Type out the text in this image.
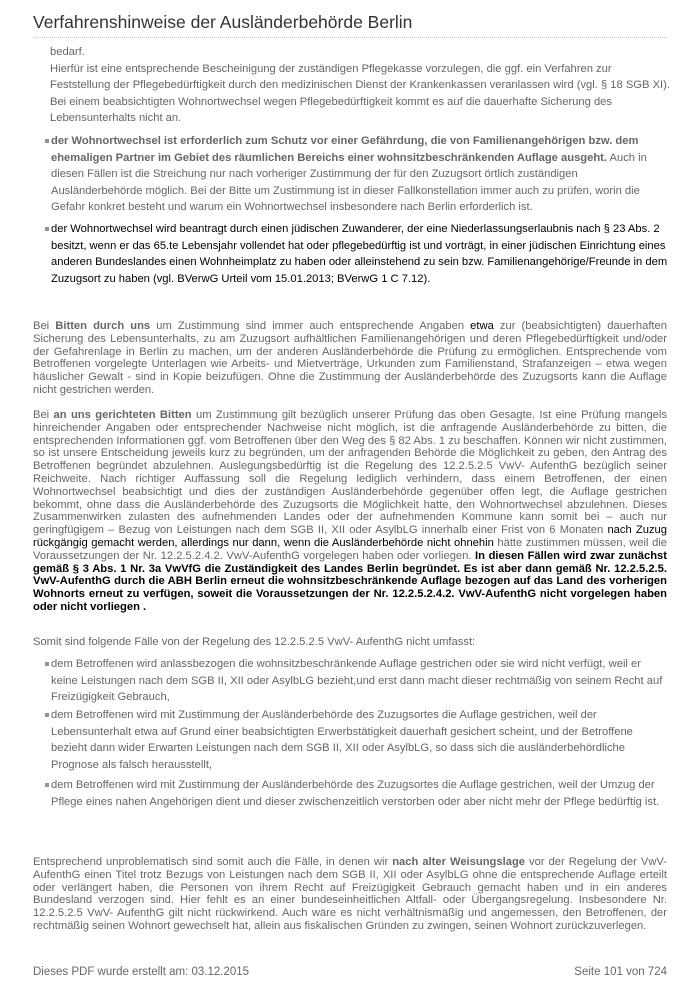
Verfahrenshinweise der Ausländerbehörde Berlin
bedarf.
Hierfür ist eine entsprechende Bescheinigung der zuständigen Pflegekasse vorzulegen, die ggf. ein Verfahren zur Feststellung der Pflegebedürftigkeit durch den medizinischen Dienst der Krankenkassen veranlassen wird (vgl. § 18 SGB XI). Bei einem beabsichtigten Wohnortwechsel wegen Pflegebedürftigkeit kommt es auf die dauerhafte Sicherung des Lebensunterhalts nicht an.
der Wohnortwechsel ist erforderlich zum Schutz vor einer Gefährdung, die von Familienangehörigen bzw. dem ehemaligen Partner im Gebiet des räumlichen Bereichs einer wohnsitzbeschränkenden Auflage ausgeht. Auch in diesen Fällen ist die Streichung nur nach vorheriger Zustimmung der für den Zuzugsort örtlich zuständigen Ausländerbehörde möglich. Bei der Bitte um Zustimmung ist in dieser Fallkonstellation immer auch zu prüfen, worin die Gefahr konkret besteht und warum ein Wohnortwechsel insbesondere nach Berlin erforderlich ist.
der Wohnortwechsel wird beantragt durch einen jüdischen Zuwanderer, der eine Niederlassungserlaubnis nach § 23 Abs. 2 besitzt, wenn er das 65.te Lebensjahr vollendet hat oder pflegebedürftig ist und vorträgt, in einer jüdischen Einrichtung eines anderen Bundeslandes einen Wohnheimplatz zu haben oder alleinstehend zu sein bzw. Familienangehörige/Freunde in dem Zuzugsort zu haben (vgl. BVerwG Urteil vom 15.01.2013; BVerwG 1 C 7.12).
Bei Bitten durch uns um Zustimmung sind immer auch entsprechende Angaben etwa zur (beabsichtigten) dauerhaften Sicherung des Lebensunterhalts, zu am Zuzugsort aufhältlichen Familienangehörigen und deren Pflegebedürftigkeit und/oder der Gefahrenlage in Berlin zu machen, um der anderen Ausländerbehörde die Prüfung zu ermöglichen. Entsprechende vom Betroffenen vorgelegte Unterlagen wie Arbeits- und Mietverträge, Urkunden zum Familienstand, Strafanzeigen – etwa wegen häuslicher Gewalt - sind in Kopie beizufügen. Ohne die Zustimmung der Ausländerbehörde des Zuzugsorts kann die Auflage nicht gestrichen werden.
Bei an uns gerichteten Bitten um Zustimmung gilt bezüglich unserer Prüfung das oben Gesagte. Ist eine Prüfung mangels hinreichender Angaben oder entsprechender Nachweise nicht möglich, ist die anfragende Ausländerbehörde zu bitten, die entsprechenden Informationen ggf. vom Betroffenen über den Weg des § 82 Abs. 1 zu beschaffen. Können wir nicht zustimmen, so ist unsere Entscheidung jeweils kurz zu begründen, um der anfragenden Behörde die Möglichkeit zu geben, den Antrag des Betroffenen begründet abzulehnen. Auslegungsbedürftig ist die Regelung des 12.2.5.2.5 VwV- AufenthG bezüglich seiner Reichweite. Nach richtiger Auffassung soll die Regelung lediglich verhindern, dass einem Betroffenen, der einen Wohnortwechsel beabsichtigt und dies der zuständigen Ausländerbehörde gegenüber offen legt, die Auflage gestrichen bekommt, ohne dass die Ausländerbehörde des Zuzugsorts die Möglichkeit hatte, den Wohnortwechsel abzulehnen. Dieses Zusammenwirken zulasten des aufnehmenden Landes oder der aufnehmenden Kommune kann somit bei – auch nur geringfügigem – Bezug von Leistungen nach dem SGB II, XII oder AsylbLG innerhalb einer Frist von 6 Monaten nach Zuzug rückgängig gemacht werden, allerdings nur dann, wenn die Ausländerbehörde nicht ohnehin hätte zustimmen müssen, weil die Voraussetzungen der Nr. 12.2.5.2.4.2. VwV-AufenthG vorgelegen haben oder vorliegen. In diesen Fällen wird zwar zunächst gemäß § 3 Abs. 1 Nr. 3a VwVfG die Zuständigkeit des Landes Berlin begründet. Es ist aber dann gemäß Nr. 12.2.5.2.5. VwV-AufenthG durch die ABH Berlin erneut die wohnsitzbeschränkende Auflage bezogen auf das Land des vorherigen Wohnorts erneut zu verfügen, soweit die Voraussetzungen der Nr. 12.2.5.2.4.2. VwV-AufenthG nicht vorgelegen haben oder nicht vorliegen .
Somit sind folgende Fälle von der Regelung des 12.2.5.2.5 VwV- AufenthG nicht umfasst:
dem Betroffenen wird anlassbezogen die wohnsitzbeschränkende Auflage gestrichen oder sie wird nicht verfügt, weil er keine Leistungen nach dem SGB II, XII oder AsylbLG bezieht,und erst dann macht dieser rechtmäßig von seinem Recht auf Freizügigkeit Gebrauch,
dem Betroffenen wird mit Zustimmung der Ausländerbehörde des Zuzugsortes die Auflage gestrichen, weil der Lebensunterhalt etwa auf Grund einer beabsichtigten Erwerbstätigkeit dauerhaft gesichert scheint, und der Betroffene bezieht dann wider Erwarten Leistungen nach dem SGB II, XII oder AsylbLG, so dass sich die ausländerbehördliche Prognose als falsch herausstellt,
dem Betroffenen wird mit Zustimmung der Ausländerbehörde des Zuzugsortes die Auflage gestrichen, weil der Umzug der Pflege eines nahen Angehörigen dient und dieser zwischenzeitlich verstorben oder aber nicht mehr der Pflege bedürftig ist.
Entsprechend unproblematisch sind somit auch die Fälle, in denen wir nach alter Weisungslage vor der Regelung der VwV- AufenthG einen Titel trotz Bezugs von Leistungen nach dem SGB II, XII oder AsylbLG ohne die entsprechende Auflage erteilt oder verlängert haben, die Personen von ihrem Recht auf Freizügigkeit Gebrauch gemacht haben und in ein anderes Bundesland verzogen sind. Hier fehlt es an einer bundeseinheitlichen Altfall- oder Übergangsregelung. Insbesondere Nr. 12.2.5.2.5 VwV- AufenthG gilt nicht rückwirkend. Auch wäre es nicht verhältnismäßig und angemessen, den Betroffenen, der rechtmäßig seinen Wohnort gewechselt hat, allein aus fiskalischen Gründen zu zwingen, seinen Wohnort zurückzuverlegen.
Dieses PDF wurde erstellt am: 03.12.2015	Seite 101 von 724
